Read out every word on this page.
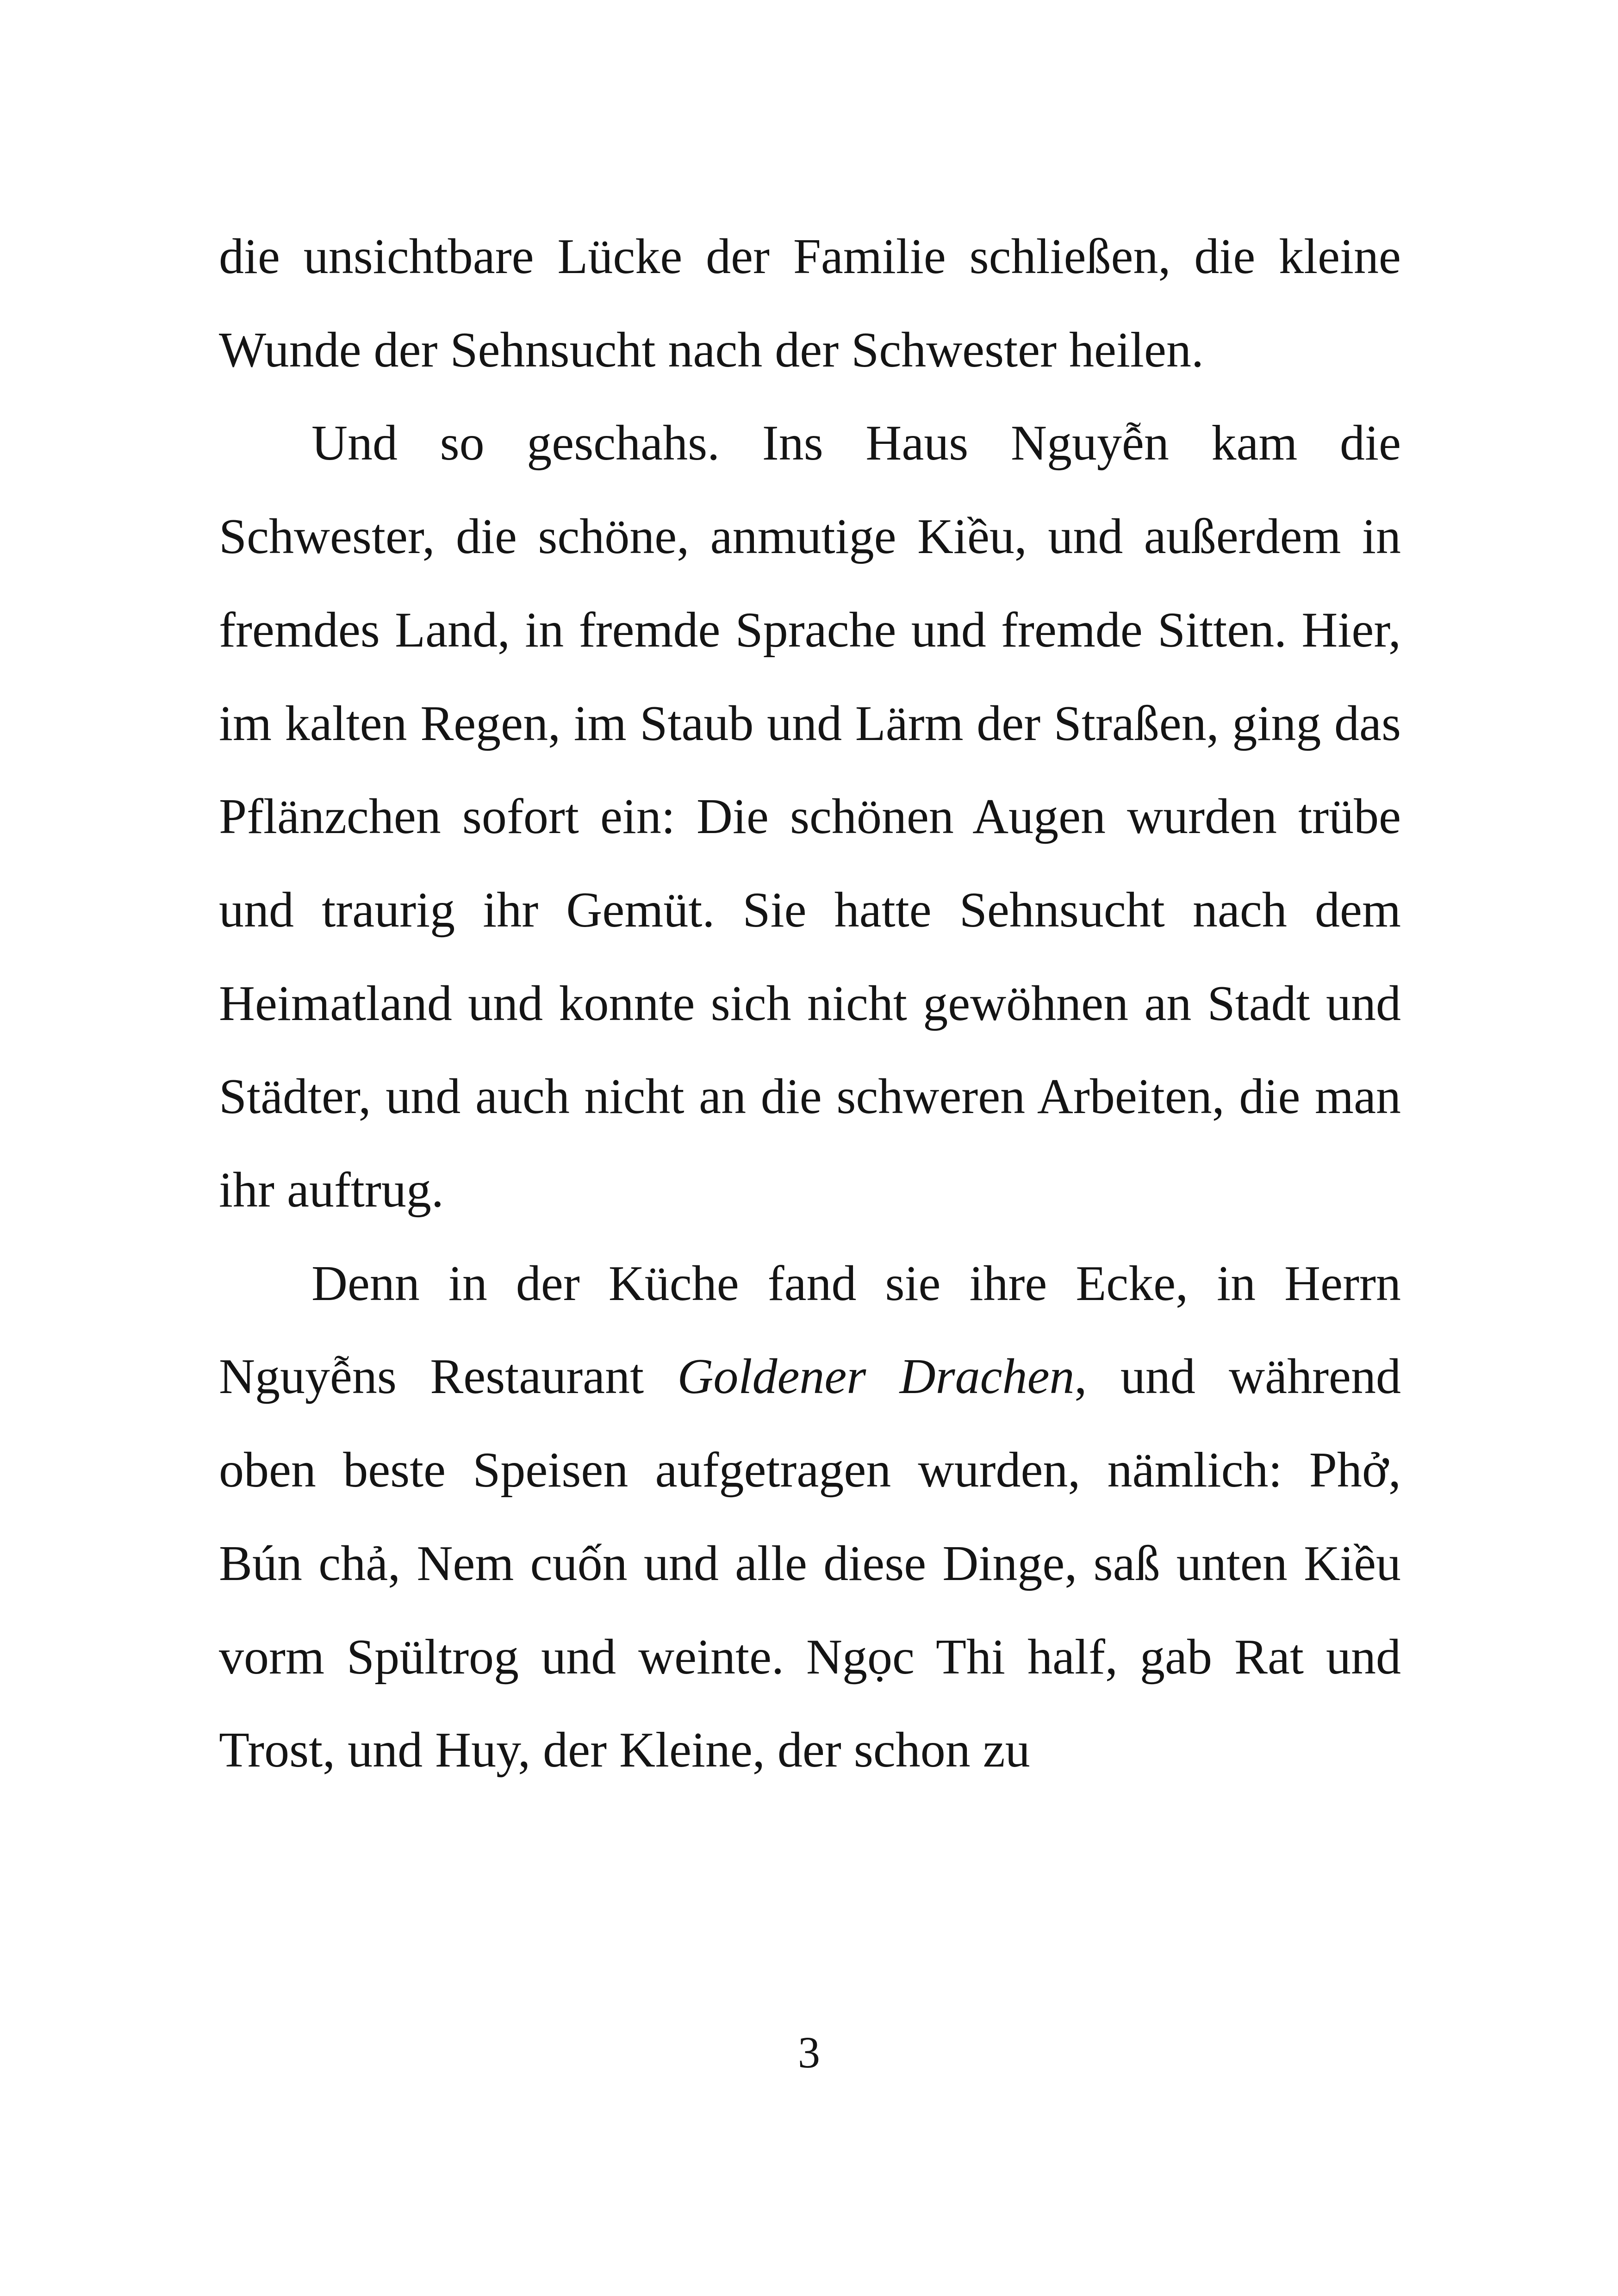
die unsichtbare Lücke der Familie schließen, die kleine Wunde der Sehnsucht nach der Schwester heilen.

Und so geschahs. Ins Haus Nguyễn kam die Schwester, die schöne, anmutige Kiều, und außerdem in fremdes Land, in fremde Sprache und fremde Sitten. Hier, im kalten Regen, im Staub und Lärm der Straßen, ging das Pflänzchen sofort ein: Die schönen Augen wurden trübe und traurig ihr Gemüt. Sie hatte Sehnsucht nach dem Heimatland und konnte sich nicht gewöhnen an Stadt und Städter, und auch nicht an die schweren Arbeiten, die man ihr auftrug.

Denn in der Küche fand sie ihre Ecke, in Herrn Nguyễns Restaurant Goldener Drachen, und während oben beste Speisen aufgetragen wurden, nämlich: Phở, Bún chả, Nem cuốn und alle diese Dinge, saß unten Kiều vorm Spültrog und weinte. Ngọc Thi half, gab Rat und Trost, und Huy, der Kleine, der schon zu

3
